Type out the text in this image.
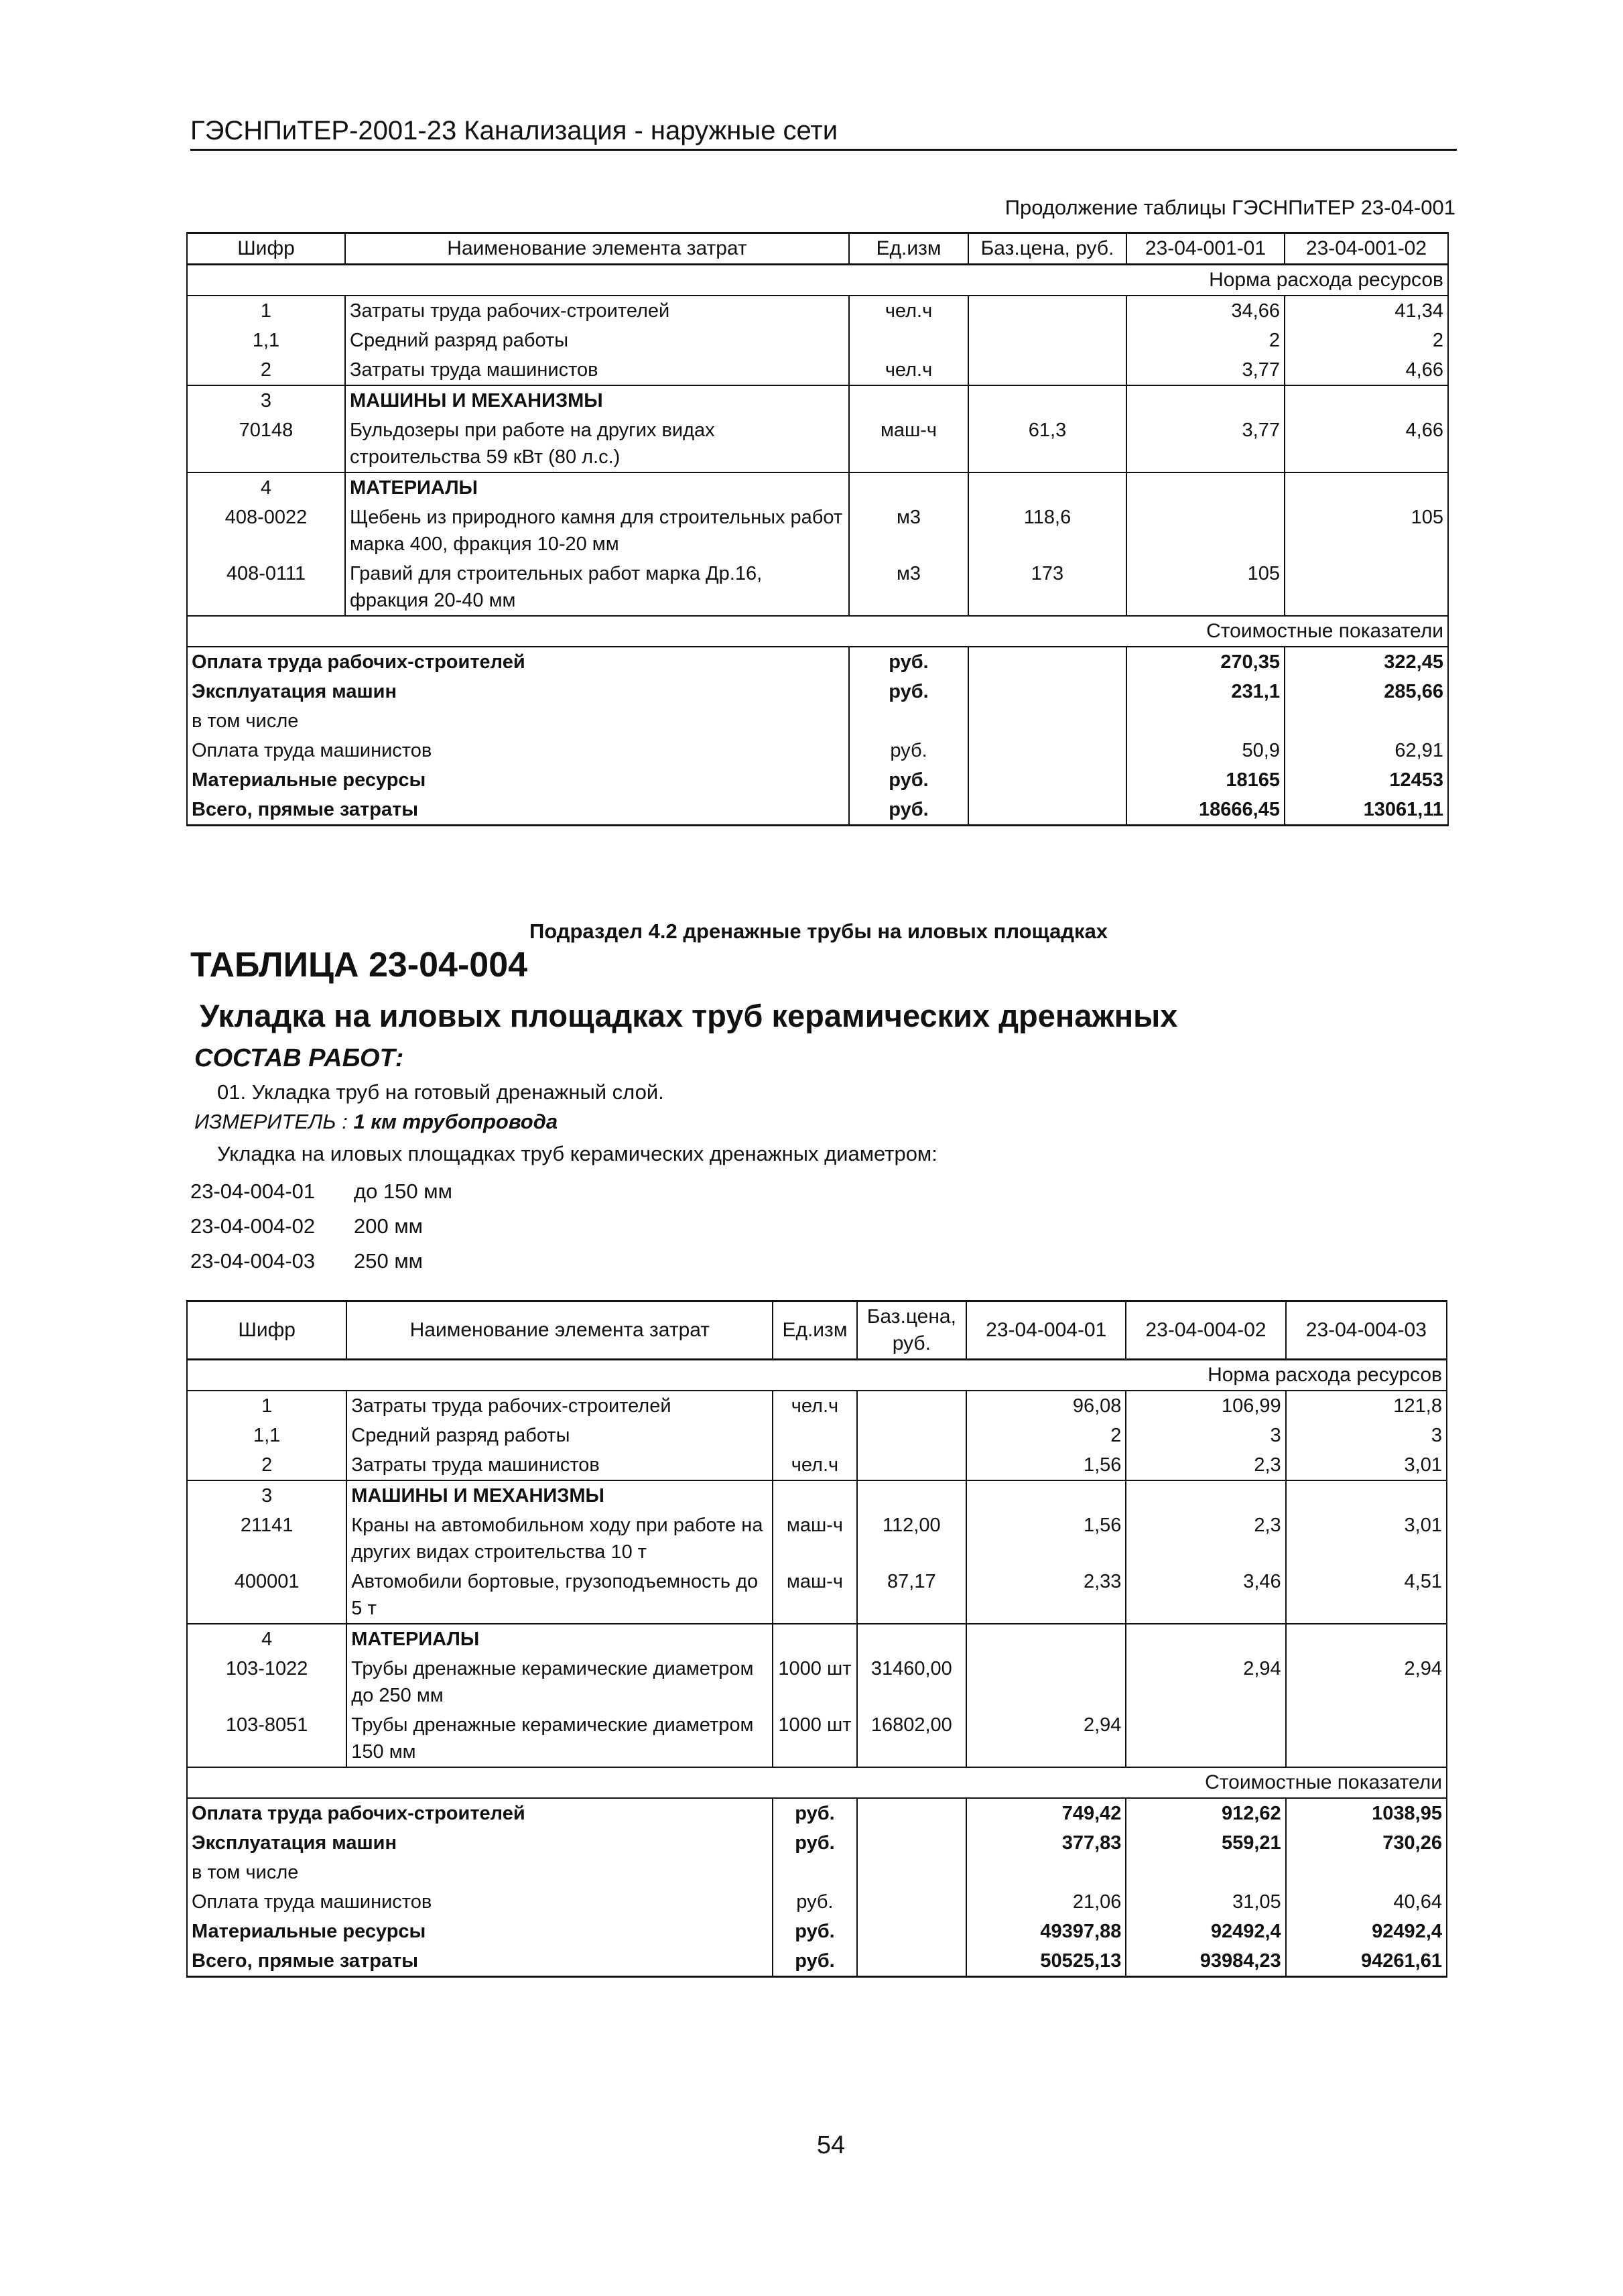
ГЭСНПиТЕР-2001-23 Канализация - наружные сети
Продолжение таблицы ГЭСНПиТЕР 23-04-001
Шифр	Наименование элемента затрат	Ед.изм	Баз.цена, руб.	23-04-001-01	23-04-001-02
Норма расхода ресурсов					
1	Затраты труда рабочих-строителей	чел.ч		34,66	41,34
1,1	Средний разряд работы			2	2
2	Затраты труда машинистов	чел.ч		3,77	4,66
3	МАШИНЫ И МЕХАНИЗМЫ				
70148	Бульдозеры при работе на других видах строительства 59 кВт (80 л.с.)	маш-ч	61,3	3,77	4,66
4	МАТЕРИАЛЫ				
408-0022	Щебень из природного камня для строительных работ марка 400, фракция 10-20 мм	м3	118,6		105
408-0111	Гравий для строительных работ марка Др.16, фракция 20-40 мм	м3	173	105	
Стоимостные показатели					
Оплата труда рабочих-строителей		руб.		270,35	322,45
Эксплуатация машин		руб.		231,1	285,66
в том числе					
Оплата труда машинистов		руб.		50,9	62,91
Материальные ресурсы		руб.		18165	12453
Всего, прямые затраты		руб.		18666,45	13061,11
Подраздел 4.2 дренажные трубы на иловых площадках
ТАБЛИЦА 23-04-004
Укладка на иловых площадках труб керамических дренажных
СОСТАВ РАБОТ:
01. Укладка труб на готовый дренажный слой.
ИЗМЕРИТЕЛЬ : 1 км трубопровода
Укладка на иловых площадках труб керамических дренажных диаметром:
23-04-004-01 до 150 мм
23-04-004-02 200 мм
23-04-004-03 250 мм
Шифр	Наименование элемента затрат	Ед.изм	Баз.цена, руб.	23-04-004-01	23-04-004-02	23-04-004-03
Норма расхода ресурсов						
1	Затраты труда рабочих-строителей	чел.ч		96,08	106,99	121,8
1,1	Средний разряд работы			2	3	3
2	Затраты труда машинистов	чел.ч		1,56	2,3	3,01
3	МАШИНЫ И МЕХАНИЗМЫ					
21141	Краны на автомобильном ходу при работе на других видах строительства 10 т	маш-ч	112,00	1,56	2,3	3,01
400001	Автомобили бортовые, грузоподъемность до 5 т	маш-ч	87,17	2,33	3,46	4,51
4	МАТЕРИАЛЫ					
103-1022	Трубы дренажные керамические диаметром до 250 мм	1000 шт	31460,00		2,94	2,94
103-8051	Трубы дренажные керамические диаметром 150 мм	1000 шт	16802,00	2,94		
Стоимостные показатели						
Оплата труда рабочих-строителей		руб.		749,42	912,62	1038,95
Эксплуатация машин		руб.		377,83	559,21	730,26
в том числе						
Оплата труда машинистов		руб.		21,06	31,05	40,64
Материальные ресурсы		руб.		49397,88	92492,4	92492,4
Всего, прямые затраты		руб.		50525,13	93984,23	94261,61
54
